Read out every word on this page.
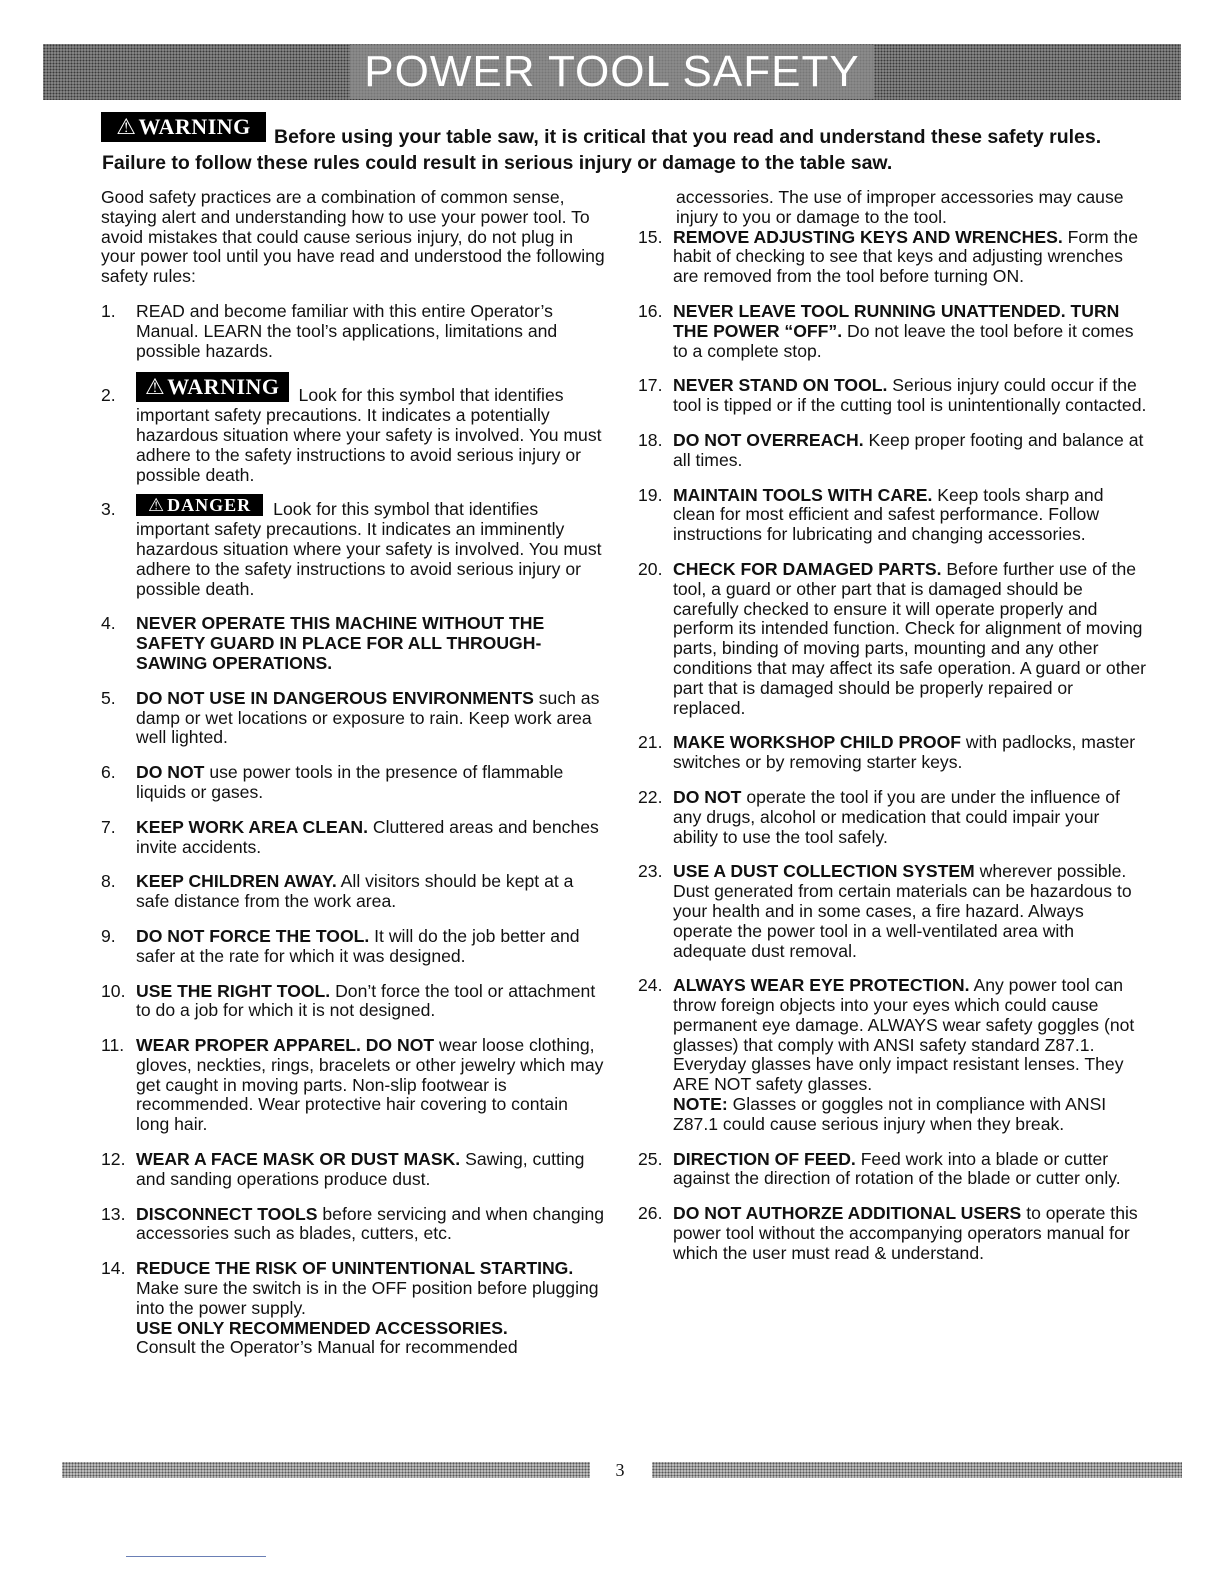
POWER TOOL SAFETY
⚠WARNING	Before using your table saw, it is critical that you read and understand these safety rules. Failure to follow these rules could result in serious injury or damage to the table saw.

Good safety practices are a combination of common sense, staying alert and understanding how to use your power tool. To avoid mistakes that could cause serious injury, do not plug in your power tool until you have read and understood the following safety rules:

1.	READ and become familiar with this entire Operator’s Manual. LEARN the tool’s applications, limitations and possible hazards.
2.	⚠WARNING Look for this symbol that identifies important safety precautions. It indicates a potentially hazardous situation where your safety is involved. You must adhere to the safety instructions to avoid serious injury or possible death.
3.	⚠ DANGER Look for this symbol that identifies important safety precautions. It indicates an imminently hazardous situation where your safety is involved. You must adhere to the safety instructions to avoid serious injury or possible death.
4.	NEVER OPERATE THIS MACHINE WITHOUT THE SAFETY GUARD IN PLACE FOR ALL THROUGH-SAWING OPERATIONS.
5.	DO NOT USE IN DANGEROUS ENVIRONMENTS such as damp or wet locations or exposure to rain. Keep work area well lighted.
6.	DO NOT use power tools in the presence of flammable liquids or gases.
7.	KEEP WORK AREA CLEAN. Cluttered areas and benches invite accidents.
8.	KEEP CHILDREN AWAY. All visitors should be kept at a safe distance from the work area.
9.	DO NOT FORCE THE TOOL. It will do the job better and safer at the rate for which it was designed.
10. USE THE RIGHT TOOL. Don’t force the tool or attachment to do a job for which it is not designed.
11. WEAR PROPER APPAREL. DO NOT wear loose clothing, gloves, neckties, rings, bracelets or other jewelry which may get caught in moving parts. Non-slip footwear is recommended. Wear protective hair covering to contain long hair.
12. WEAR A FACE MASK OR DUST MASK. Sawing, cutting and sanding operations produce dust.
13. DISCONNECT TOOLS before servicing and when changing accessories such as blades, cutters, etc.
14. REDUCE THE RISK OF UNINTENTIONAL STARTING. Make sure the switch is in the OFF position before plugging into the power supply.
USE ONLY RECOMMENDED ACCESSORIES.
Consult the Operator’s Manual for recommended

accessories. The use of improper accessories may cause injury to you or damage to the tool.

15. REMOVE ADJUSTING KEYS AND WRENCHES. Form the habit of checking to see that keys and adjusting wrenches are removed from the tool before turning ON.
16. NEVER LEAVE TOOL RUNNING UNATTENDED. TURN THE POWER “OFF”. Do not leave the tool before it comes to a complete stop.
17. NEVER STAND ON TOOL. Serious injury could occur if the tool is tipped or if the cutting tool is unintentionally contacted.
18. DO NOT OVERREACH. Keep proper footing and balance at all times.
19. MAINTAIN TOOLS WITH CARE. Keep tools sharp and clean for most efficient and safest performance. Follow instructions for lubricating and changing accessories.
20. CHECK FOR DAMAGED PARTS. Before further use of the tool, a guard or other part that is damaged should be carefully checked to ensure it will operate properly and perform its intended function. Check for alignment of moving parts, binding of moving parts, mounting and any other conditions that may affect its safe operation. A guard or other part that is damaged should be properly repaired or replaced.
21. MAKE WORKSHOP CHILD PROOF with padlocks, master switches or by removing starter keys.
22. DO NOT operate the tool if you are under the influence of any drugs, alcohol or medication that could impair your ability to use the tool safely.
23. USE A DUST COLLECTION SYSTEM wherever possible. Dust generated from certain materials can be hazardous to your health and in some cases, a fire hazard. Always operate the power tool in a well-ventilated area with adequate dust removal.
24. ALWAYS WEAR EYE PROTECTION. Any power tool can throw foreign objects into your eyes which could cause permanent eye damage. ALWAYS wear safety goggles (not glasses) that comply with ANSI safety standard Z87.1. Everyday glasses have only impact resistant lenses. They ARE NOT safety glasses.
NOTE: Glasses or goggles not in compliance with ANSI Z87.1 could cause serious injury when they break.
25. DIRECTION OF FEED. Feed work into a blade or cutter against the direction of rotation of the blade or cutter only.
26. DO NOT AUTHORZE ADDITIONAL USERS to operate this power tool without the accompanying operators manual for which the user must read & understand.
3
